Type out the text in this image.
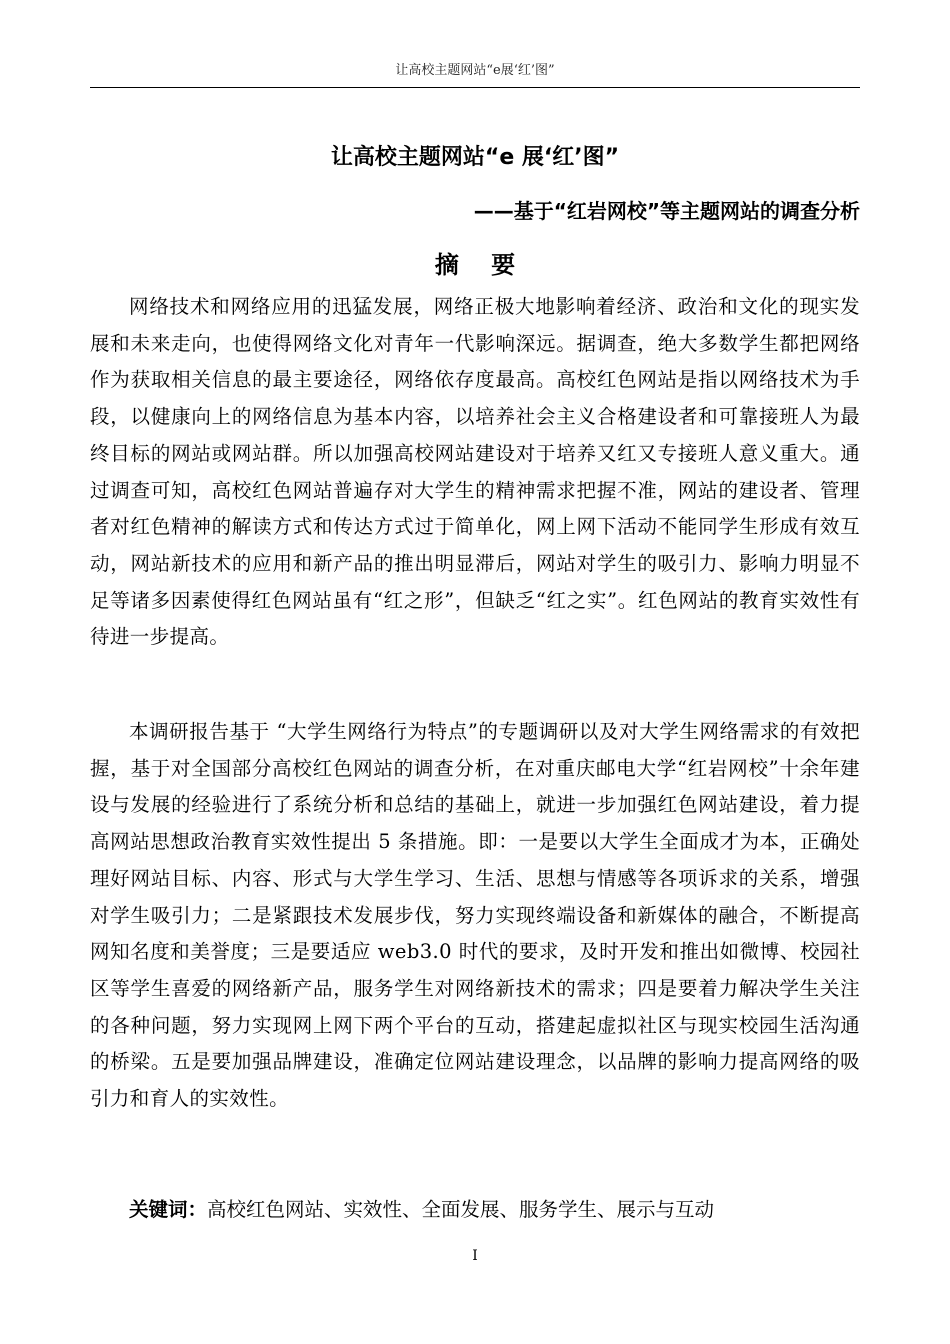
让高校主题网站“e展‘红’图”
让高校主题网站“e 展‘红’图”
——基于“红岩网校”等主题网站的调查分析
摘 要

网络技术和网络应用的迅猛发展，网络正极大地影响着经济、政治和文化的现实发展和未来走向，也使得网络文化对青年一代影响深远。据调查，绝大多数学生都把网络作为获取相关信息的最主要途径，网络依存度最高。高校红色网站是指以网络技术为手段，以健康向上的网络信息为基本内容，以培养社会主义合格建设者和可靠接班人为最终目标的网站或网站群。所以加强高校网站建设对于培养又红又专接班人意义重大。通过调查可知，高校红色网站普遍存对大学生的精神需求把握不准，网站的建设者、管理者对红色精神的解读方式和传达方式过于简单化，网上网下活动不能同学生形成有效互动，网站新技术的应用和新产品的推出明显滞后，网站对学生的吸引力、影响力明显不足等诸多因素使得红色网站虽有“红之形”，但缺乏“红之实”。红色网站的教育实效性有待进一步提高。

本调研报告基于 “大学生网络行为特点”的专题调研以及对大学生网络需求的有效把握，基于对全国部分高校红色网站的调查分析，在对重庆邮电大学“红岩网校”十余年建设与发展的经验进行了系统分析和总结的基础上，就进一步加强红色网站建设，着力提高网站思想政治教育实效性提出 5 条措施。即：一是要以大学生全面成才为本，正确处理好网站目标、内容、形式与大学生学习、生活、思想与情感等各项诉求的关系，增强对学生吸引力；二是紧跟技术发展步伐，努力实现终端设备和新媒体的融合，不断提高网知名度和美誉度；三是要适应 web3.0 时代的要求，及时开发和推出如微博、校园社区等学生喜爱的网络新产品，服务学生对网络新技术的需求；四是要着力解决学生关注的各种问题，努力实现网上网下两个平台的互动，搭建起虚拟社区与现实校园生活沟通的桥梁。五是要加强品牌建设，准确定位网站建设理念，以品牌的影响力提高网络的吸引力和育人的实效性。

关键词：高校红色网站、实效性、全面发展、服务学生、展示与互动

I
